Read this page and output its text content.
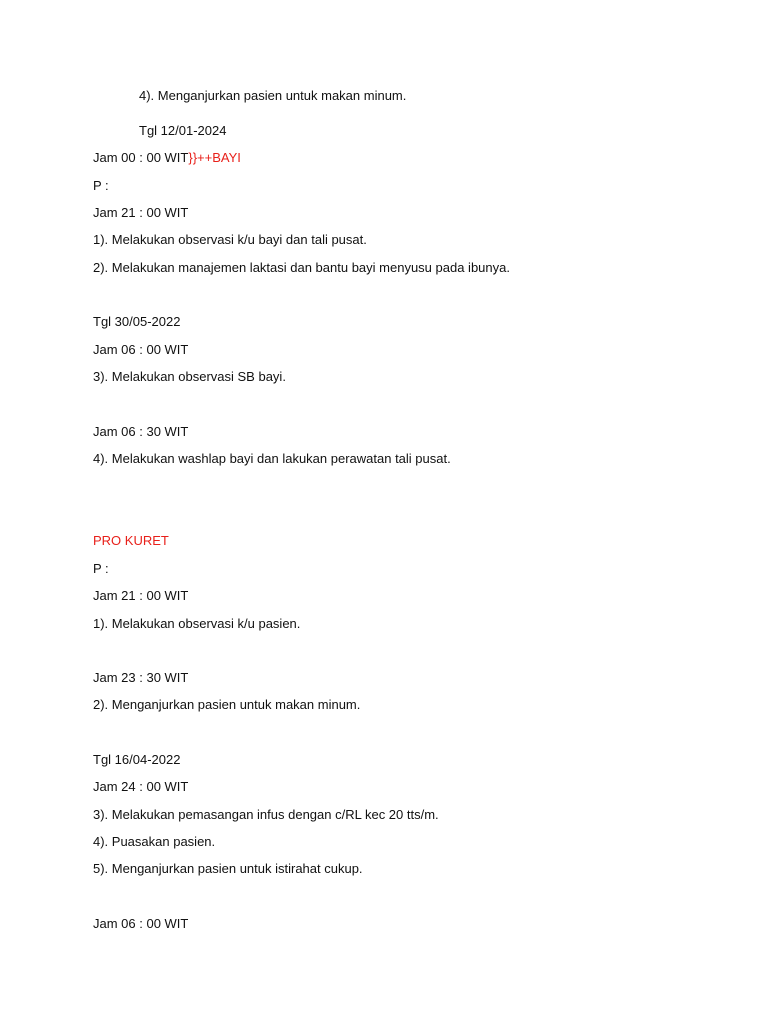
4). Menganjurkan pasien untuk makan minum.
Tgl 12/01-2024
Jam 00 : 00 WIT}}++BAYI
P :
Jam 21 : 00 WIT
1). Melakukan observasi k/u bayi dan tali pusat.
2). Melakukan manajemen laktasi dan bantu bayi menyusu pada ibunya.
Tgl 30/05-2022
Jam 06 : 00 WIT
3). Melakukan observasi SB bayi.
Jam 06 : 30 WIT
4). Melakukan washlap bayi dan lakukan perawatan tali pusat.
PRO KURET
P :
Jam 21 : 00 WIT
1). Melakukan observasi k/u pasien.
Jam 23 : 30 WIT
2). Menganjurkan pasien untuk makan minum.
Tgl 16/04-2022
Jam 24 : 00 WIT
3). Melakukan pemasangan infus dengan c/RL kec 20 tts/m.
4). Puasakan pasien.
5). Menganjurkan pasien untuk istirahat cukup.
Jam 06 : 00 WIT
